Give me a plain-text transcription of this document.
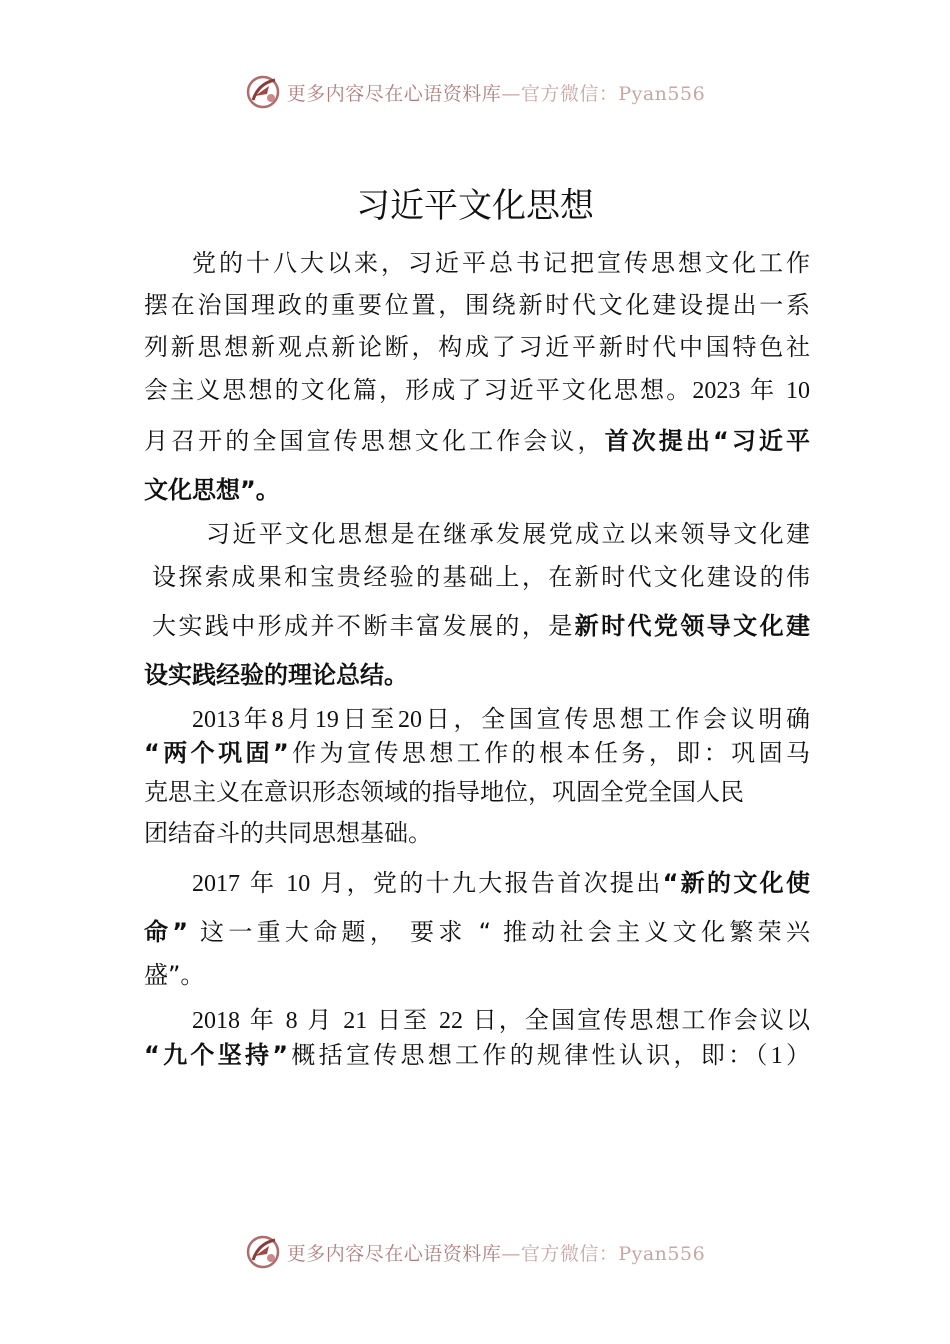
更多内容尽在心语资料库—官方微信：Pyan556
习近平文化思想
党的十八大以来，习近平总书记把宣传思想文化工作
摆在治国理政的重要位置，围绕新时代文化建设提出一系
列新思想新观点新论断，构成了习近平新时代中国特色社
会主义思想的文化篇，形成了习近平文化思想。2023 年 10
月召开的全国宣传思想文化工作会议，首次提出“习近平
文化思想”。
习近平文化思想是在继承发展党成立以来领导文化建
设探索成果和宝贵经验的基础上，在新时代文化建设的伟
大实践中形成并不断丰富发展的，是新时代党领导文化建
设实践经验的理论总结。
2013年8月19日至20日，全国宣传思想工作会议明确
“两个巩固”作为宣传思想工作的根本任务，即：巩固马
克思主义在意识形态领域的指导地位，巩固全党全国人民
团结奋斗的共同思想基础。
2017 年 10 月，党的十九大报告首次提出“新的文化使
命” 这一重大命题， 要求 “ 推动社会主义文化繁荣兴
盛”。
2018 年 8 月 21 日至 22 日，全国宣传思想工作会议以
“九个坚持”概括宣传思想工作的规律性认识，即：（1）
更多内容尽在心语资料库—官方微信：Pyan556
